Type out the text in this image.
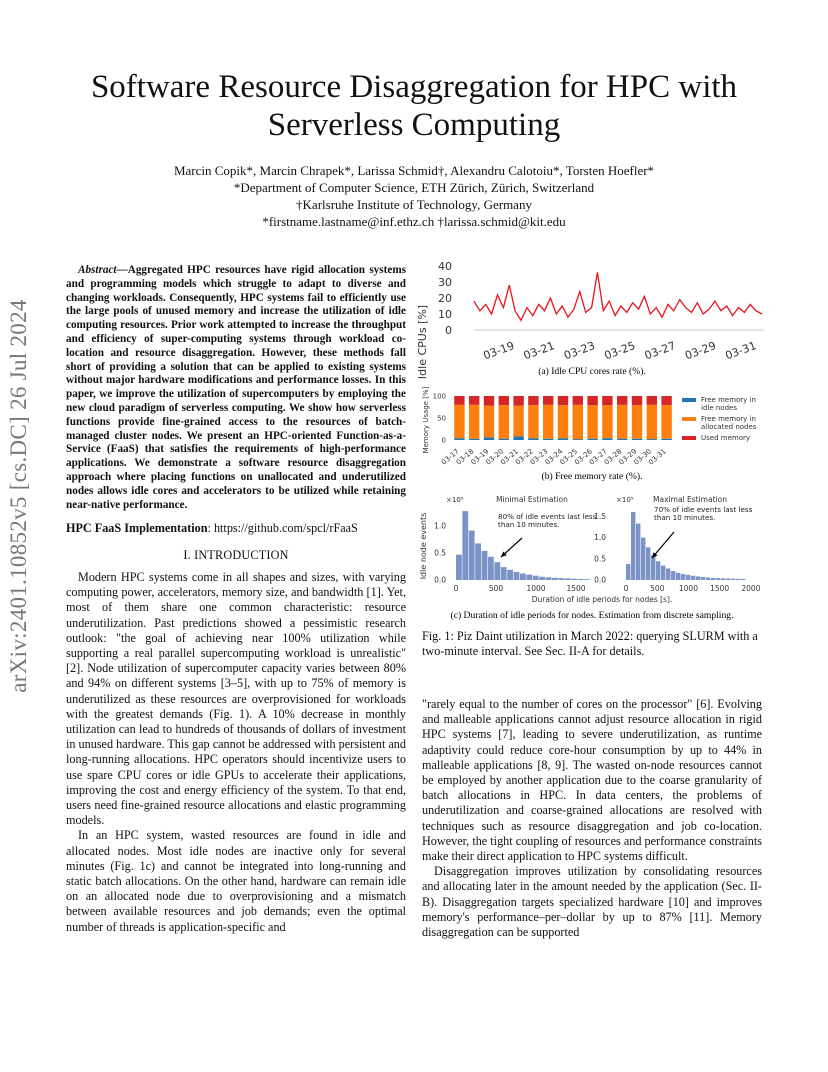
Software Resource Disaggregation for HPC with Serverless Computing
Marcin Copik*, Marcin Chrapek*, Larissa Schmid†, Alexandru Calotoiu*, Torsten Hoefler*
*Department of Computer Science, ETH Zürich, Zürich, Switzerland
†Karlsruhe Institute of Technology, Germany
*firstname.lastname@inf.ethz.ch †larissa.schmid@kit.edu
arXiv:2401.10852v5 [cs.DC] 26 Jul 2024

Abstract—Aggregated HPC resources have rigid allocation systems and programming models which struggle to adapt to diverse and changing workloads. Consequently, HPC systems fail to efficiently use the large pools of unused memory and increase the utilization of idle computing resources. Prior work attempted to increase the throughput and efficiency of super-computing systems through workload co-location and resource disaggregation. However, these methods fall short of providing a solution that can be applied to existing systems without major hardware modifications and performance losses. In this paper, we improve the utilization of supercomputers by employing the new cloud paradigm of serverless computing. We show how serverless functions provide fine-grained access to the resources of batch-managed cluster nodes. We present an HPC-oriented Function-as-a-Service (FaaS) that satisfies the requirements of high-performance applications. We demonstrate a software resource disaggregation approach where placing functions on unallocated and underutilized nodes allows idle cores and accelerators to be utilized while retaining near-native performance.

HPC FaaS Implementation: https://github.com/spcl/rFaaS
I. INTRODUCTION

Modern HPC systems come in all shapes and sizes, with varying computing power, accelerators, memory size, and bandwidth [1]. Yet, most of them share one common characteristic: resource underutilization. Past predictions showed a pessimistic research outlook: "the goal of achieving near 100% utilization while supporting a real parallel supercomputing workload is unrealistic" [2]. Node utilization of supercomputer capacity varies between 80% and 94% on different systems [3–5], with up to 75% of memory is underutilized as these resources are overprovisioned for workloads with the greatest demands (Fig. 1). A 10% decrease in monthly utilization can lead to hundreds of thousands of dollars of investment in unused hardware. This gap cannot be addressed with persistent and long-running allocations. HPC operators should incentivize users to use spare CPU cores or idle GPUs to accelerate their applications, improving the cost and energy efficiency of the system. To that end, users need fine-grained resource allocations and elastic programming models.

In an HPC system, wasted resources are found in idle and allocated nodes. Most idle nodes are inactive only for several minutes (Fig. 1c) and cannot be integrated into long-running and static batch allocations. On the other hand, hardware can remain idle on an allocated node due to overprovisioning and a mismatch between available resources and job demands; even the optimal number of threads is application-specific and

Idle CPUs [%] 0
10
20
30
40
03-19 03-21 03-23 03-25 03-27 03-29 03-31
(a) Idle CPU cores rate (%).
Memory Usage [%] 0
50
100
03-17
03-18
03-19
03-20
03-21
03-22
03-23
03-24
03-25
03-26
03-27
03-28
03-29
03-30
03-31
Free memory in
idle nodes
Free memory in
allocated nodes
Used memory
(b) Free memory rate (%).
Idle node events
Minimal Estimation
×10⁵
0.0
0.5
1.0
0	500	1000	1500
80% of idle events last less
than 10 minutes.
Maximal Estimation
×10⁵
0.0
0.5
1.0
1.5
0	500 1000 1500 2000
70% of idle events last less
than 10 minutes.
Duration of idle periods for nodes [s].
(c) Duration of idle periods for nodes. Estimation from discrete sampling.
Fig. 1: Piz Daint utilization in March 2022: querying SLURM with a two-minute interval. See Sec. II-A for details.

"rarely equal to the number of cores on the processor" [6]. Evolving and malleable applications cannot adjust resource allocation in rigid HPC systems [7], leading to severe underutilization, as runtime adaptivity could reduce core-hour consumption by up to 44% in malleable applications [8, 9]. The wasted on-node resources cannot be employed by another application due to the coarse granularity of batch allocations in HPC. In data centers, the problems of underutilization and coarse-grained allocations are resolved with techniques such as resource disaggregation and job co-location. However, the tight coupling of resources and performance constraints make their direct application to HPC systems difficult.

Disaggregation improves utilization by consolidating resources and allocating later in the amount needed by the application (Sec. II-B). Disaggregation targets specialized hardware [10] and improves memory's performance–per–dollar by up to 87% [11]. Memory disaggregation can be supported
